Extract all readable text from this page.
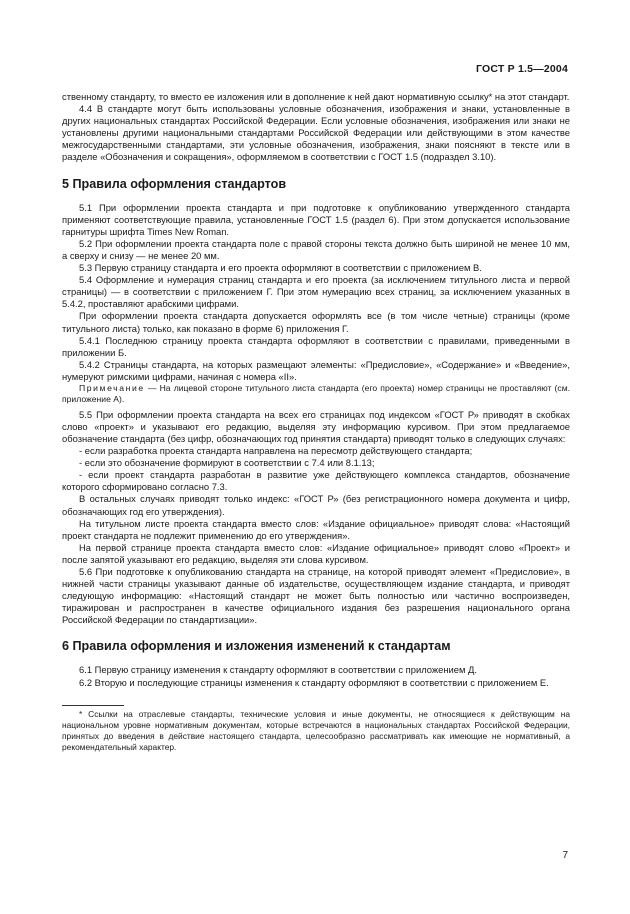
ГОСТ Р 1.5—2004

ственному стандарту, то вместо ее изложения или в дополнение к ней дают нормативную ссылку* на этот стандарт.

4.4 В стандарте могут быть использованы условные обозначения, изображения и знаки, установленные в других национальных стандартах Российской Федерации. Если условные обозначения, изображения или знаки не установлены другими национальными стандартами Российской Федерации или действующими в этом качестве межгосударственными стандартами, эти условные обозначения, изображения, знаки поясняют в тексте или в разделе «Обозначения и сокращения», оформляемом в соответствии с ГОСТ 1.5 (подраздел 3.10).

5 Правила оформления стандартов

5.1 При оформлении проекта стандарта и при подготовке к опубликованию утвержденного стандарта применяют соответствующие правила, установленные ГОСТ 1.5 (раздел 6). При этом допускается использование гарнитуры шрифта Times New Roman.

5.2 При оформлении проекта стандарта поле с правой стороны текста должно быть шириной не менее 10 мм, а сверху и снизу — не менее 20 мм.

5.3 Первую страницу стандарта и его проекта оформляют в соответствии с приложением В.

5.4 Оформление и нумерация страниц стандарта и его проекта (за исключением титульного листа и первой страницы) — в соответствии с приложением Г. При этом нумерацию всех страниц, за исключением указанных в 5.4.2, проставляют арабскими цифрами.

При оформлении проекта стандарта допускается оформлять все (в том числе четные) страницы (кроме титульного листа) только, как показано в форме 6) приложения Г.

5.4.1 Последнюю страницу проекта стандарта оформляют в соответствии с правилами, приведенными в приложении Б.

5.4.2 Страницы стандарта, на которых размещают элементы: «Предисловие», «Содержание» и «Введение», нумеруют римскими цифрами, начиная с номера «II».

Примечание — На лицевой стороне титульного листа стандарта (его проекта) номер страницы не проставляют (см. приложение А).

5.5 При оформлении проекта стандарта на всех его страницах под индексом «ГОСТ Р» приводят в скобках слово «проект» и указывают его редакцию, выделяя эту информацию курсивом. При этом предлагаемое обозначение стандарта (без цифр, обозначающих год принятия стандарта) приводят только в следующих случаях:

- если разработка проекта стандарта направлена на пересмотр действующего стандарта;

- если это обозначение формируют в соответствии с 7.4 или 8.1.13;

- если проект стандарта разработан в развитие уже действующего комплекса стандартов, обозначение которого сформировано согласно 7.3.

В остальных случаях приводят только индекс: «ГОСТ Р» (без регистрационного номера документа и цифр, обозначающих год его утверждения).

На титульном листе проекта стандарта вместо слов: «Издание официальное» приводят слова: «Настоящий проект стандарта не подлежит применению до его утверждения».

На первой странице проекта стандарта вместо слов: «Издание официальное» приводят слово «Проект» и после запятой указывают его редакцию, выделяя эти слова курсивом.

5.6 При подготовке к опубликованию стандарта на странице, на которой приводят элемент «Предисловие», в нижней части страницы указывают данные об издательстве, осуществляющем издание стандарта, и приводят следующую информацию: «Настоящий стандарт не может быть полностью или частично воспроизведен, тиражирован и распространен в качестве официального издания без разрешения национального органа Российской Федерации по стандартизации».

6 Правила оформления и изложения изменений к стандартам

6.1 Первую страницу изменения к стандарту оформляют в соответствии с приложением Д.

6.2 Вторую и последующие страницы изменения к стандарту оформляют в соответствии с приложением Е.

* Ссылки на отраслевые стандарты, технические условия и иные документы, не относящиеся к действующим на национальном уровне нормативным документам, которые встречаются в национальных стандартах Российской Федерации, принятых до введения в действие настоящего стандарта, целесообразно рассматривать как имеющие не нормативный, а рекомендательный характер.

7
